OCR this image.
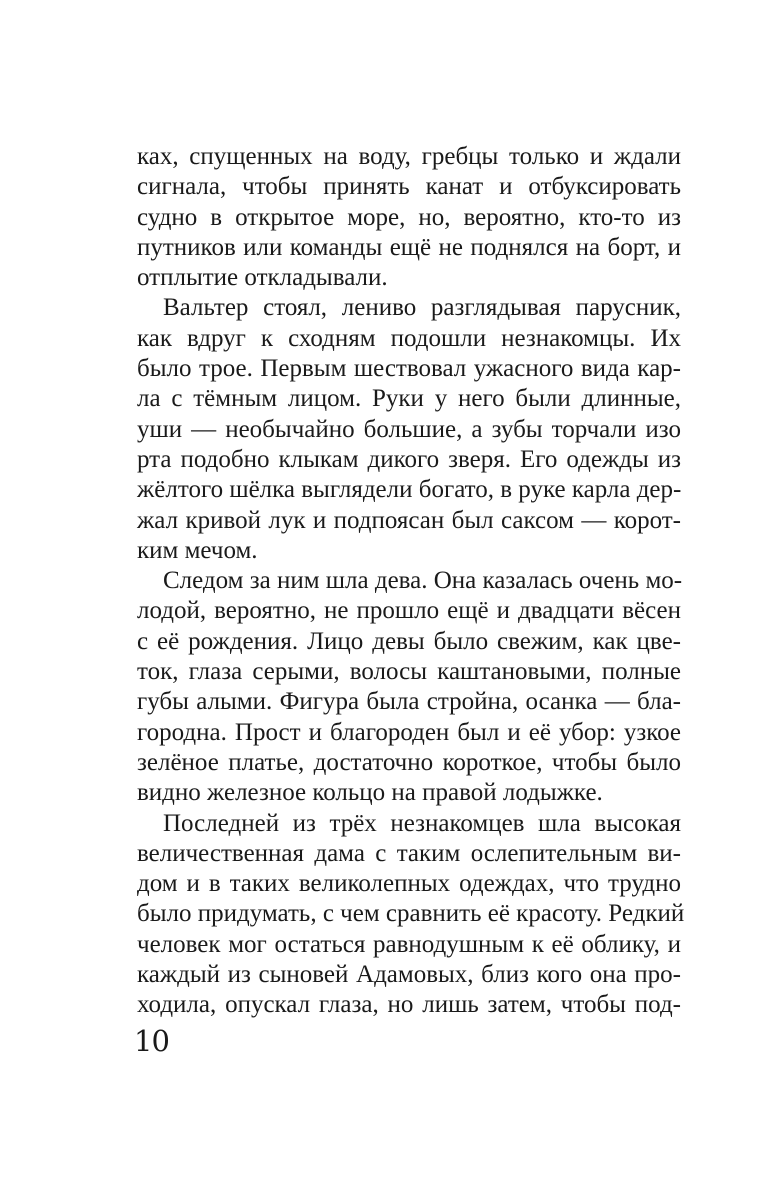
ках, спущенных на воду, гребцы только и ждали
сигнала, чтобы принять канат и отбуксировать
судно в открытое море, но, вероятно, кто-то из
путников или команды ещё не поднялся на борт, и
отплытие откладывали.
Вальтер стоял, лениво разглядывая парусник,
как вдруг к сходням подошли незнакомцы. Их
было трое. Первым шествовал ужасного вида кар-
ла с тёмным лицом. Руки у него были длинные,
уши — необычайно большие, а зубы торчали изо
рта подобно клыкам дикого зверя. Его одежды из
жёлтого шёлка выглядели богато, в руке карла дер-
жал кривой лук и подпоясан был саксом — корот-
ким мечом.
Следом за ним шла дева. Она казалась очень мо-
лодой, вероятно, не прошло ещё и двадцати вёсен
с её рождения. Лицо девы было свежим, как цве-
ток, глаза серыми, волосы каштановыми, полные
губы алыми. Фигура была стройна, осанка — бла-
городна. Прост и благороден был и её убор: узкое
зелёное платье, достаточно короткое, чтобы было
видно железное кольцо на правой лодыжке.
Последней из трёх незнакомцев шла высокая
величественная дама с таким ослепительным ви-
дом и в таких великолепных одеждах, что трудно
было придумать, с чем сравнить её красоту. Редкий
человек мог остаться равнодушным к её облику, и
каждый из сыновей Адамовых, близ кого она про-
ходила, опускал глаза, но лишь затем, чтобы под-
10
